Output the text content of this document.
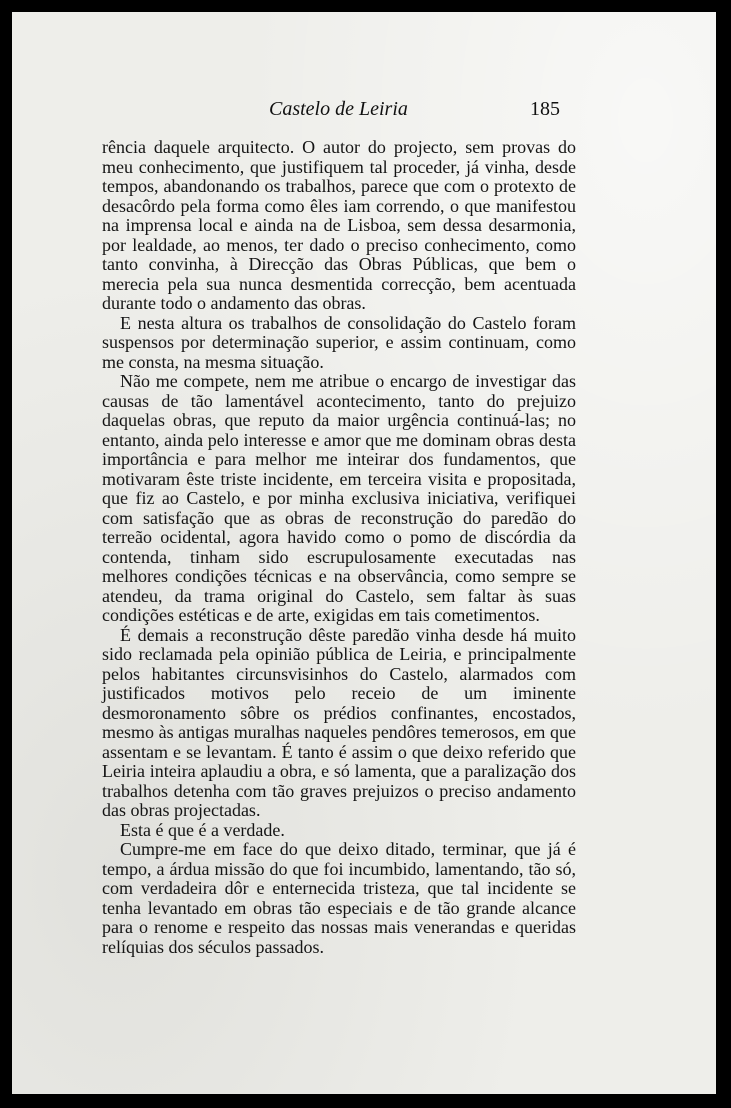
Castelo de Leiria	185

rência daquele arquitecto. O autor do projecto, sem provas do meu conhecimento, que justifiquem tal proceder, já vinha, desde tempos, abandonando os trabalhos, parece que com o protexto de desacôrdo pela forma como êles iam correndo, o que manifestou na imprensa local e ainda na de Lisboa, sem dessa desarmonia, por lealdade, ao menos, ter dado o preciso conhecimento, como tanto convinha, à Direcção das Obras Públicas, que bem o merecia pela sua nunca desmentida correcção, bem acentuada durante todo o andamento das obras.

E nesta altura os trabalhos de consolidação do Castelo foram suspensos por determinação superior, e assim continuam, como me consta, na mesma situação.

Não me compete, nem me atribue o encargo de investigar das causas de tão lamentável acontecimento, tanto do prejuizo daquelas obras, que reputo da maior urgência continuá-las; no entanto, ainda pelo interesse e amor que me dominam obras desta importância e para melhor me inteirar dos fundamentos, que motivaram êste triste incidente, em terceira visita e propositada, que fiz ao Castelo, e por minha exclusiva iniciativa, verifiquei com satisfação que as obras de reconstrução do paredão do terreão ocidental, agora havido como o pomo de discórdia da contenda, tinham sido escrupulosamente executadas nas melhores condições técnicas e na observância, como sempre se atendeu, da trama original do Castelo, sem faltar às suas condições estéticas e de arte, exigidas em tais cometimentos.

É demais a reconstrução dêste paredão vinha desde há muito sido reclamada pela opinião pública de Leiria, e principalmente pelos habitantes circunsvisinhos do Castelo, alarmados com justificados motivos pelo receio de um iminente desmoronamento sôbre os prédios confinantes, encostados, mesmo às antigas muralhas naqueles pendôres temerosos, em que assentam e se levantam. É tanto é assim o que deixo referido que Leiria inteira aplaudiu a obra, e só lamenta, que a paralização dos trabalhos detenha com tão graves prejuizos o preciso andamento das obras projectadas.

Esta é que é a verdade.

Cumpre-me em face do que deixo ditado, terminar, que já é tempo, a árdua missão do que foi incumbido, lamentando, tão só, com verdadeira dôr e enternecida tristeza, que tal incidente se tenha levantado em obras tão especiais e de tão grande alcance para o renome e respeito das nossas mais venerandas e queridas relíquias dos séculos passados.
